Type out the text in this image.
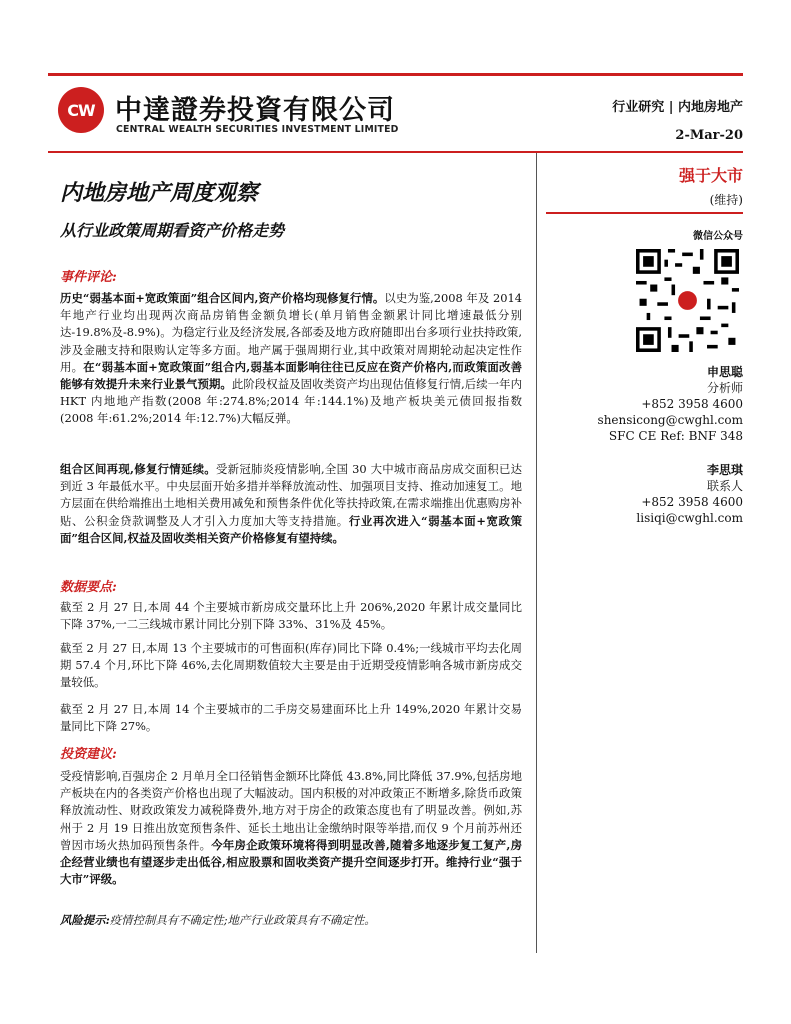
CW 中達證券投資有限公司
CENTRAL WEALTH SECURITIES INVESTMENT LIMITED
行业研究 | 内地房地产
2-Mar-20
内地房地产周度观察
从行业政策周期看资产价格走势
强于大市
(维持)
微信公众号
申思聪
分析师
+852 3958 4600
shensicong@cwghl.com
SFC CE Ref: BNF 348
李思琪
联系人
+852 3958 4600
lisiqi@cwghl.com
事件评论:
历史“弱基本面+宽政策面”组合区间内,资产价格均现修复行情。以史为鉴,2008 年及 2014 年地产行业均出现两次商品房销售金额负增长(单月销售金额累计同比增速最低分别达-19.8%及-8.9%)。为稳定行业及经济发展,各部委及地方政府随即出台多项行业扶持政策,涉及金融支持和限购认定等多方面。地产属于强周期行业,其中政策对周期轮动起决定性作用。在“弱基本面+宽政策面”组合内,弱基本面影响往往已反应在资产价格内,而政策面改善能够有效提升未来行业景气预期。此阶段权益及固收类资产均出现估值修复行情,后续一年内 HKT 内地地产指数(2008 年:274.8%;2014 年:144.1%)及地产板块美元债回报指数(2008 年:61.2%;2014 年:12.7%)大幅反弹。
组合区间再现,修复行情延续。受新冠肺炎疫情影响,全国 30 大中城市商品房成交面积已达到近 3 年最低水平。中央层面开始多措并举释放流动性、加强项目支持、推动加速复工。地方层面在供给端推出土地相关费用减免和预售条件优化等扶持政策,在需求端推出优惠购房补贴、公积金贷款调整及人才引入力度加大等支持措施。行业再次进入“弱基本面+宽政策面”组合区间,权益及固收类相关资产价格修复有望持续。
数据要点:
截至 2 月 27 日,本周 44 个主要城市新房成交量环比上升 206%,2020 年累计成交量同比下降 37%,一二三线城市累计同比分别下降 33%、31%及 45%。
截至 2 月 27 日,本周 13 个主要城市的可售面积(库存)同比下降 0.4%;一线城市平均去化周期 57.4 个月,环比下降 46%,去化周期数值较大主要是由于近期受疫情影响各城市新房成交量较低。
截至 2 月 27 日,本周 14 个主要城市的二手房交易建面环比上升 149%,2020 年累计交易量同比下降 27%。
投资建议:
受疫情影响,百强房企 2 月单月全口径销售金额环比降低 43.8%,同比降低 37.9%,包括房地产板块在内的各类资产价格也出现了大幅波动。国内积极的对冲政策正不断增多,除货币政策释放流动性、财政政策发力减税降费外,地方对于房企的政策态度也有了明显改善。例如,苏州于 2 月 19 日推出放宽预售条件、延长土地出让金缴纳时限等举措,而仅 9 个月前苏州还曾因市场火热加码预售条件。今年房企政策环境将得到明显改善,随着多地逐步复工复产,房企经营业绩也有望逐步走出低谷,相应股票和固收类资产提升空间逐步打开。维持行业“强于大市”评级。
风险提示:疫情控制具有不确定性;地产行业政策具有不确定性。
